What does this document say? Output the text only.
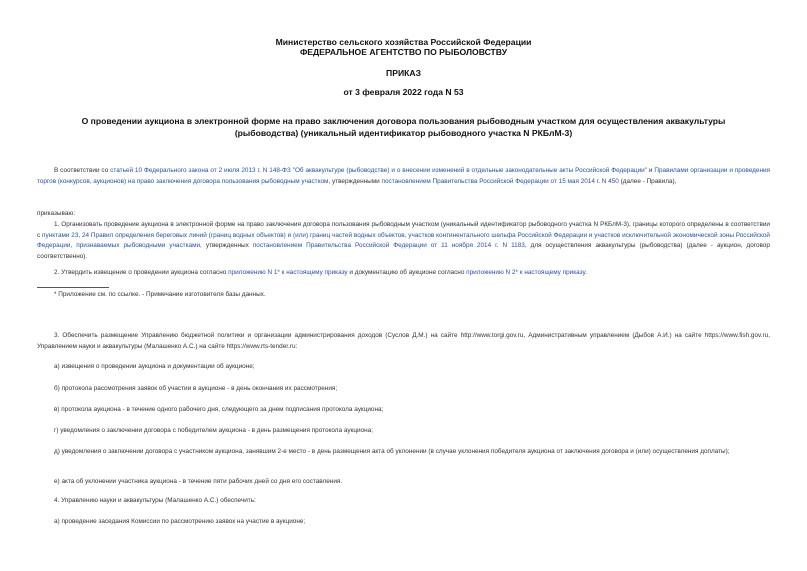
Министерство сельского хозяйства Российской Федерации
ФЕДЕРАЛЬНОЕ АГЕНТСТВО ПО РЫБОЛОВСТВУ
ПРИКАЗ
от 3 февраля 2022 года N 53
О проведении аукциона в электронной форме на право заключения договора пользования рыбоводным участком для осуществления аквакультуры
(рыбоводства) (уникальный идентификатор рыбоводного участка N РКБлМ-3)

В соответствии со статьей 10 Федерального закона от 2 июля 2013 г. N 148-ФЗ "Об аквакультуре (рыбоводстве) и о внесении изменений в отдельные законодательные акты Российской Федерации" и Правилами организации и проведения торгов (конкурсов, аукционов) на право заключения договора пользования рыбоводным участком, утвержденными постановлением Правительства Российской Федерации от 15 мая 2014 г. N 450 (далее - Правила),

приказываю:

1. Организовать проведение аукциона в электронной форме на право заключения договора пользования рыбоводным участком (уникальный идентификатор рыбоводного участка N РКБлМ-3), границы которого определены в соответствии с пунктами 23, 24 Правил определения береговых линий (границ водных объектов) и (или) границ частей водных объектов, участков континентального шельфа Российской Федерации и участков исключительной экономической зоны Российской Федерации, признаваемых рыбоводными участками, утвержденных постановлением Правительства Российской Федерации от 11 ноября 2014 г. N 1183, для осуществления аквакультуры (рыбоводства) (далее - аукцион, договор соответственно).

2. Утвердить извещение о проведении аукциона согласно приложению N 1* к настоящему приказу и документацию об аукционе согласно приложению N 2* к настоящему приказу.

* Приложение см. по ссылке. - Примечание изготовителя базы данных.

3. Обеспечить размещение Управлению бюджетной политики и организации администрирования доходов (Суслов Д.М.) на сайте http://www.torgi.gov.ru, Административным управлением (Дыбов А.И.) на сайте https://www.fish.gov.ru, Управлением науки и аквакультуры (Малашенко А.С.) на сайте https://www.rts-tender.ru:

а) извещения о проведении аукциона и документации об аукционе;

б) протокола рассмотрения заявок об участии в аукционе - в день окончания их рассмотрения;

в) протокола аукциона - в течение одного рабочего дня, следующего за днем подписания протокола аукциона;

г) уведомления о заключении договора с победителем аукциона - в день размещения протокола аукциона;

д) уведомления о заключении договора с участником аукциона, занявшим 2-е место - в день размещения акта об уклонении (в случае уклонения победителя аукциона от заключения договора и (или) осуществления доплаты);

е) акта об уклонении участника аукциона - в течение пяти рабочих дней со дня его составления.

4. Управлению науки и аквакультуры (Малашенко А.С.) обеспечить:

а) проведение заседания Комиссии по рассмотрению заявок на участие в аукционе;
